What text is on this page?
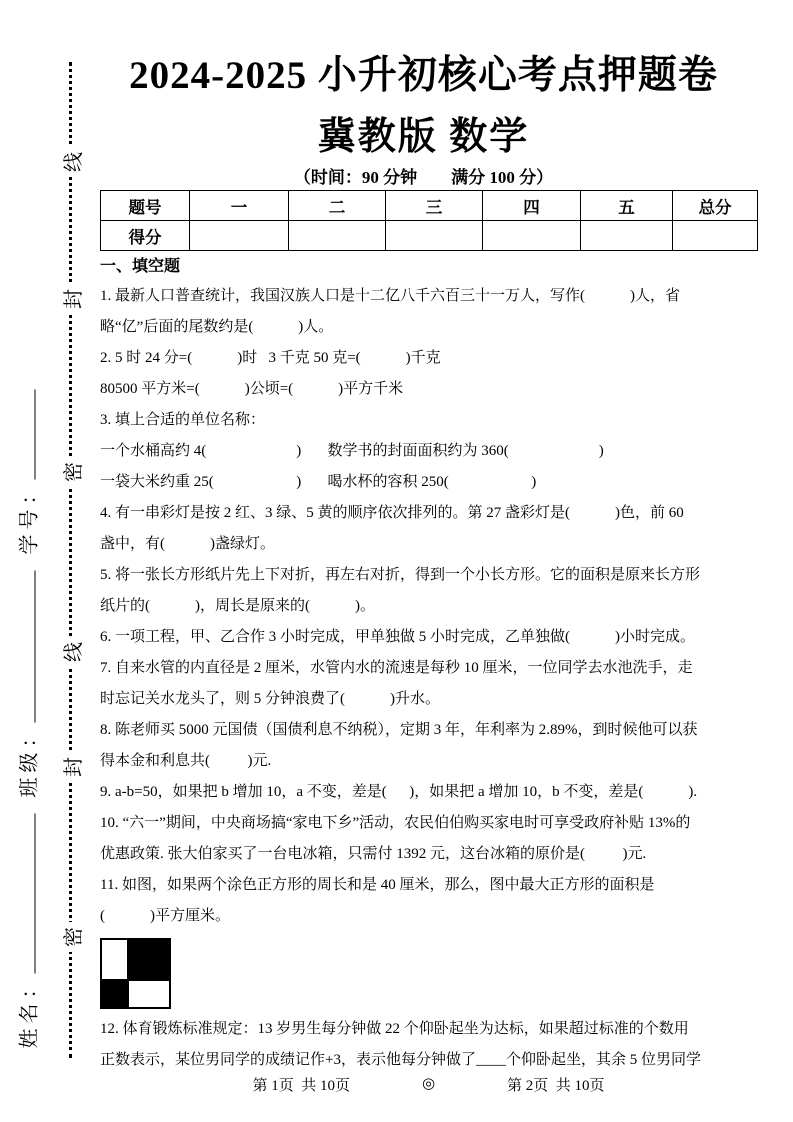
线
封
密
线
封
密
姓名：
班级：
学号：
2024-2025 小升初核心考点押题卷
冀教版 数学
（时间：90 分钟　　满分 100 分）
题号	一	二	三	四	五	总分
得分						
一、填空题
1. 最新人口普查统计，我国汉族人口是十二亿八千六百三十一万人，写作(            )人，省
略“亿”后面的尾数约是(            )人。
2. 5 时 24 分=(            )时   3 千克 50 克=(            )千克
80500 平方米=(            )公顷=(            )平方千米
3. 填上合适的单位名称：
一个水桶高约 4(                        )       数学书的封面面积约为 360(                        )
一袋大米约重 25(                      )       喝水杯的容积 250(                      )
4. 有一串彩灯是按 2 红、3 绿、5 黄的顺序依次排列的。第 27 盏彩灯是(            )色，前 60
盏中，有(            )盏绿灯。
5. 将一张长方形纸片先上下对折，再左右对折，得到一个小长方形。它的面积是原来长方形
纸片的(            )，周长是原来的(            )。
6. 一项工程，甲、乙合作 3 小时完成，甲单独做 5 小时完成，乙单独做(            )小时完成。
7. 自来水管的内直径是 2 厘米，水管内水的流速是每秒 10 厘米，一位同学去水池洗手，走
时忘记关水龙头了，则 5 分钟浪费了(            )升水。
8. 陈老师买 5000 元国债（国债利息不纳税），定期 3 年，年利率为 2.89%，到时候他可以获
得本金和利息共(          )元.
9. a-b=50，如果把 b 增加 10，a 不变，差是(      )，如果把 a 增加 10，b 不变，差是(            ).
10. “六一”期间，中央商场搞“家电下乡”活动，农民伯伯购买家电时可享受政府补贴 13%的
优惠政策. 张大伯家买了一台电冰箱，只需付 1392 元，这台冰箱的原价是(          )元.
11. 如图，如果两个涂色正方形的周长和是 40 厘米，那么，图中最大正方形的面积是
(            )平方厘米。
12. 体育锻炼标准规定：13 岁男生每分钟做 22 个仰卧起坐为达标，如果超过标准的个数用
正数表示，某位男同学的成绩记作+3，表示他每分钟做了____个仰卧起坐，其余 5 位男同学
第 1页  共 10页	◎	第 2页  共 10页
